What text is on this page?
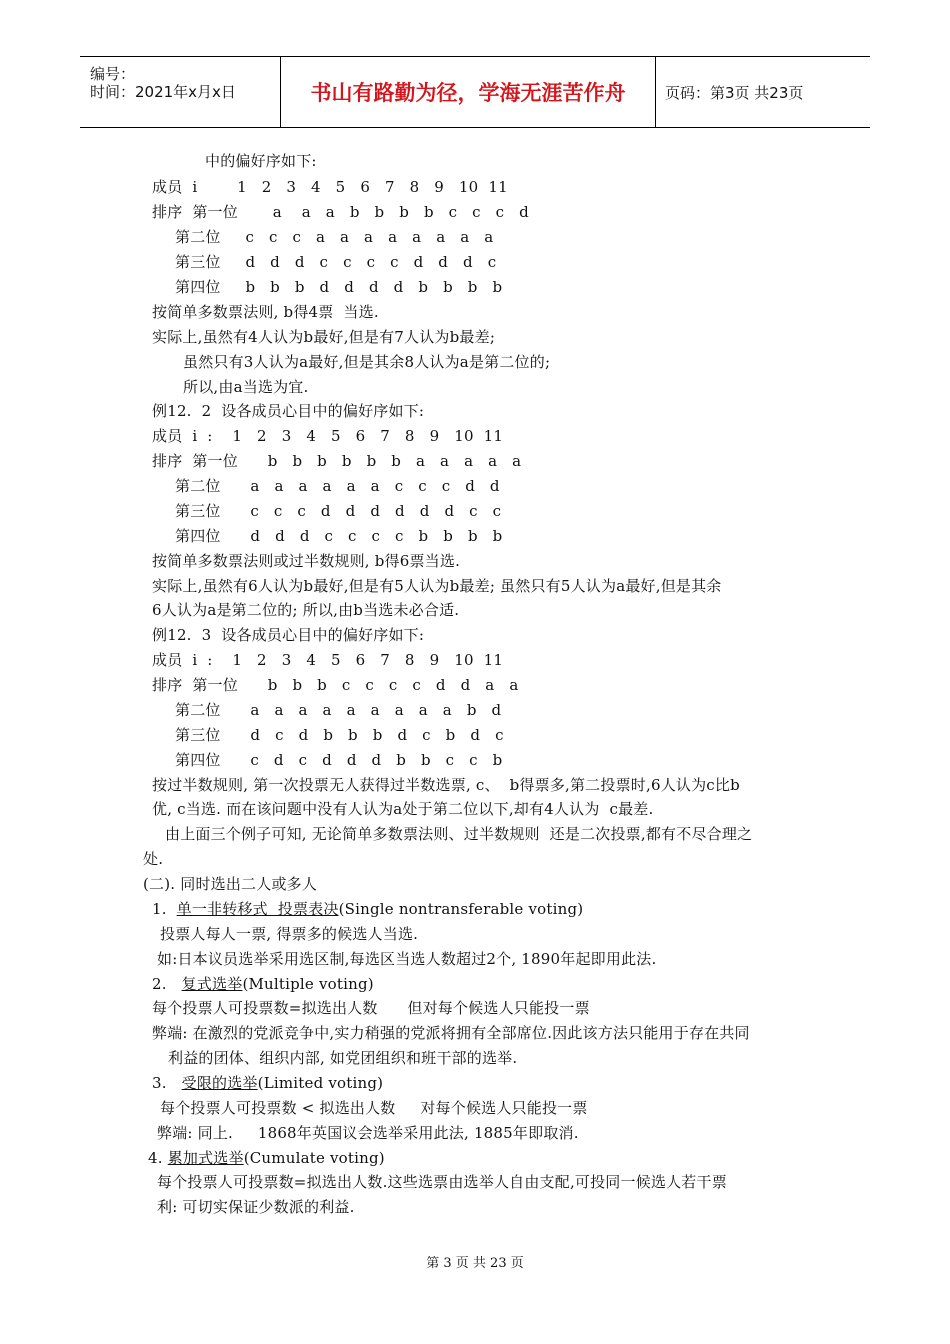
编号：
时间：2021年x月x日	书山有路勤为径，学海无涯苦作舟	页码：第3页 共23页
中的偏好序如下:
成员  i        1   2   3   4   5   6   7   8   9   10  11
排序  第一位       a    a   a   b   b   b   b   c   c   c   d
第二位     c   c   c   a   a   a   a   a   a   a   a
第三位     d   d   d   c   c   c   c   d   d   d   c
第四位     b   b   b   d   d   d   d   b   b   b   b
按简单多数票法则, b得4票  当选.
实际上,虽然有4人认为b最好,但是有7人认为b最差;
虽然只有3人认为a最好,但是其余8人认为a是第二位的;
所以,由a当选为宜.
例12.  2  设各成员心目中的偏好序如下:
成员  i  :    1   2   3   4   5   6   7   8   9   10  11
排序  第一位      b   b   b   b   b   b   a   a   a   a   a
第二位      a   a   a   a   a   a   c   c   c   d   d
第三位      c   c   c   d   d   d   d   d   d   c   c
第四位      d   d   d   c   c   c   c   b   b   b   b
按简单多数票法则或过半数规则, b得6票当选.
实际上,虽然有6人认为b最好,但是有5人认为b最差; 虽然只有5人认为a最好,但是其余
6人认为a是第二位的; 所以,由b当选未必合适.
例12.  3  设各成员心目中的偏好序如下:
成员  i  :    1   2   3   4   5   6   7   8   9   10  11
排序  第一位      b   b   b   c   c   c   c   d   d   a   a
第二位      a   a   a   a   a   a   a   a   a   b   d
第三位      d   c   d   b   b   b   d   c   b   d   c
第四位      c   d   c   d   d   d   b   b   c   c   b
按过半数规则, 第一次投票无人获得过半数选票, c、  b得票多,第二投票时,6人认为c比b
优, c当选. 而在该问题中没有人认为a处于第二位以下,却有4人认为  c最差.
由上面三个例子可知, 无论简单多数票法则、过半数规则  还是二次投票,都有不尽合理之
处.
(二). 同时选出二人或多人
1. 单一非转移式  投票表决(Single nontransferable voting)
投票人每人一票, 得票多的候选人当选.
如:日本议员选举采用选区制,每选区当选人数超过2个, 1890年起即用此法.
2. 复式选举(Multiple voting)
每个投票人可投票数=拟选出人数      但对每个候选人只能投一票
弊端: 在激烈的党派竞争中,实力稍强的党派将拥有全部席位.因此该方法只能用于存在共同
利益的团体、组织内部, 如党团组织和班干部的选举.
3. 受限的选举(Limited voting)
每个投票人可投票数 < 拟选出人数     对每个候选人只能投一票
弊端: 同上.     1868年英国议会选举采用此法, 1885年即取消.
4. 累加式选举(Cumulate voting)
每个投票人可投票数=拟选出人数.这些选票由选举人自由支配,可投同一候选人若干票
利: 可切实保证少数派的利益.
第 3 页 共 23 页
